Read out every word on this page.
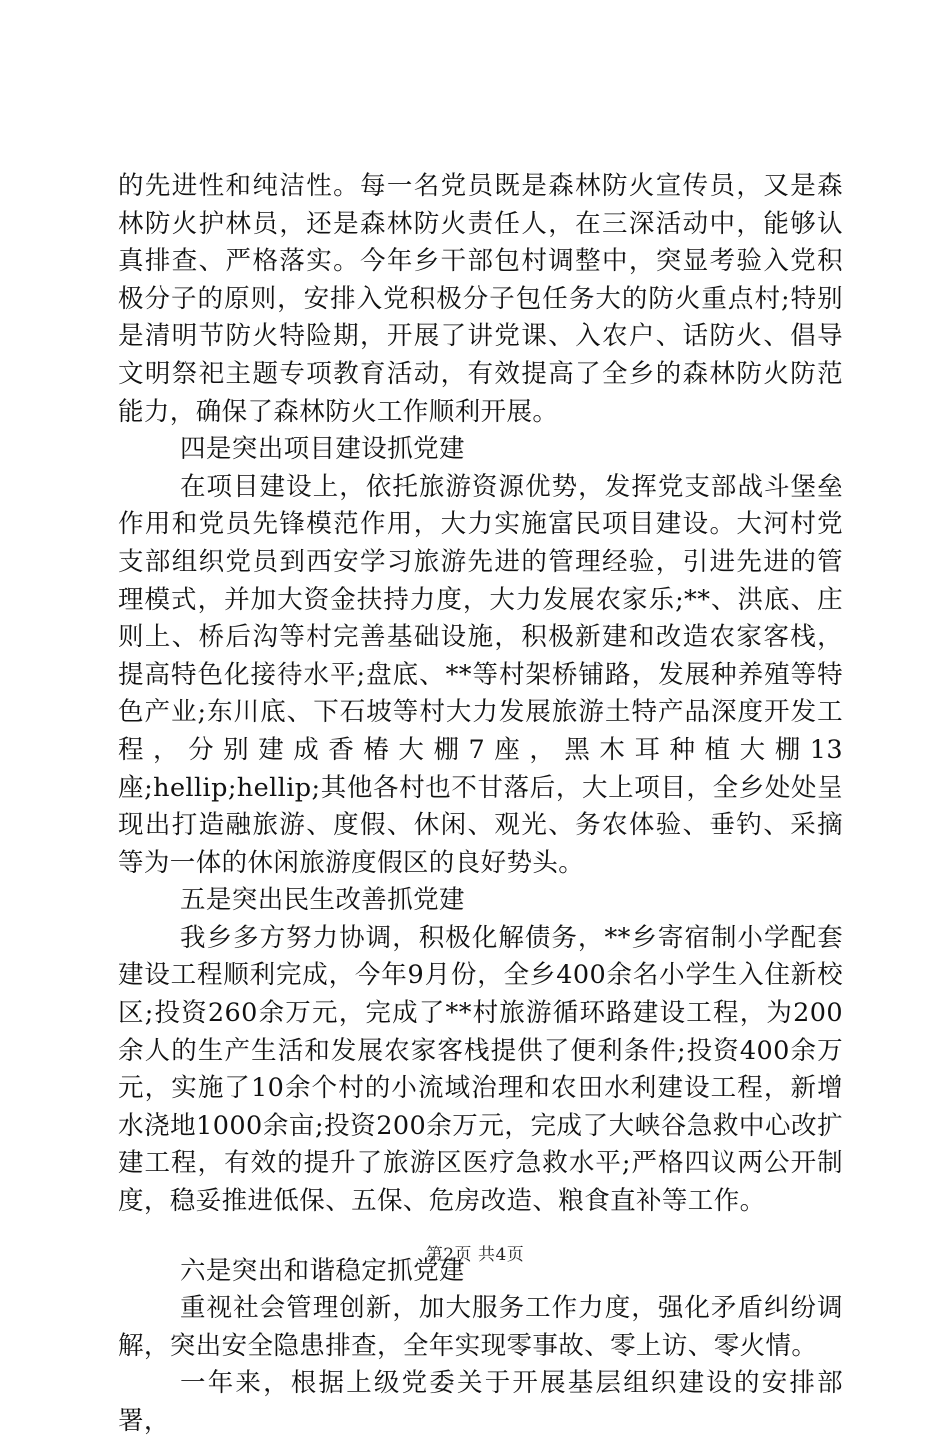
的先进性和纯洁性。每一名党员既是森林防火宣传员，又是森林防火护林员，还是森林防火责任人，在三深活动中，能够认真排查、严格落实。今年乡干部包村调整中，突显考验入党积极分子的原则，安排入党积极分子包任务大的防火重点村;特别是清明节防火特险期，开展了讲党课、入农户、话防火、倡导文明祭祀主题专项教育活动，有效提高了全乡的森林防火防范能力，确保了森林防火工作顺利开展。

四是突出项目建设抓党建

在项目建设上，依托旅游资源优势，发挥党支部战斗堡垒作用和党员先锋模范作用，大力实施富民项目建设。大河村党支部组织党员到西安学习旅游先进的管理经验，引进先进的管理模式，并加大资金扶持力度，大力发展农家乐;**、洪底、庄则上、桥后沟等村完善基础设施，积极新建和改造农家客栈，提高特色化接待水平;盘底、**等村架桥铺路，发展种养殖等特色产业;东川底、下石坡等村大力发展旅游土特产品深度开发工程，分别建成香椿大棚7座，黑木耳种植大棚13座;hellip;hellip;其他各村也不甘落后，大上项目，全乡处处呈现出打造融旅游、度假、休闲、观光、务农体验、垂钓、采摘等为一体的休闲旅游度假区的良好势头。

五是突出民生改善抓党建

我乡多方努力协调，积极化解债务，**乡寄宿制小学配套建设工程顺利完成，今年9月份，全乡400余名小学生入住新校区;投资260余万元，完成了**村旅游循环路建设工程，为200余人的生产生活和发展农家客栈提供了便利条件;投资400余万元，实施了10余个村的小流域治理和农田水利建设工程，新增水浇地1000余亩;投资200余万元，完成了大峡谷急救中心改扩建工程，有效的提升了旅游区医疗急救水平;严格四议两公开制度，稳妥推进低保、五保、危房改造、粮食直补等工作。

六是突出和谐稳定抓党建

重视社会管理创新，加大服务工作力度，强化矛盾纠纷调解，突出安全隐患排查，全年实现零事故、零上访、零火情。

一年来，根据上级党委关于开展基层组织建设的安排部署，

第2页 共4页
